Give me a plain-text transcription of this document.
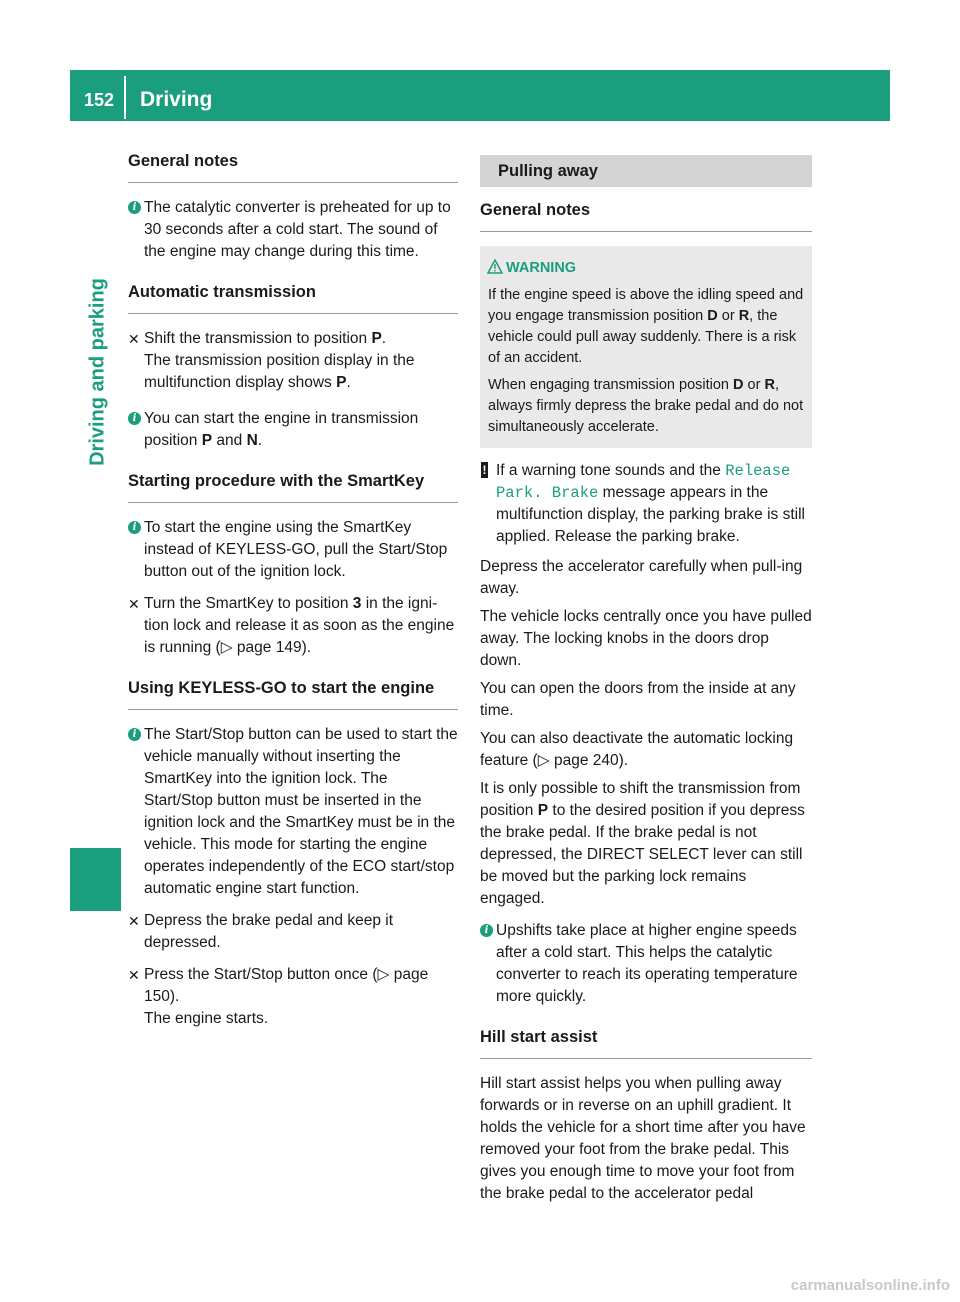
152 Driving
Driving and parking
General notes
i The catalytic converter is preheated for up to 30 seconds after a cold start. The sound of the engine may change during this time.

Automatic transmission
✕ Shift the transmission to position P.

The transmission position display in the multifunction display shows P.

i You can start the engine in transmission position P and N.

Starting procedure with the SmartKey
i To start the engine using the SmartKey instead of KEYLESS-GO, pull the Start/Stop button out of the ignition lock.

✕ Turn the SmartKey to position 3 in the igni-tion lock and release it as soon as the engine is running (▷ page 149).

Using KEYLESS-GO to start the engine
i The Start/Stop button can be used to start the vehicle manually without inserting the SmartKey into the ignition lock. The Start/Stop button must be inserted in the ignition lock and the SmartKey must be in the vehicle. This mode for starting the engine operates independently of the ECO start/stop automatic engine start function.

✕ Depress the brake pedal and keep it depressed.

✕ Press the Start/Stop button once (▷ page 150).

The engine starts.

Pulling away
General notes
WARNING

If the engine speed is above the idling speed and you engage transmission position D or R, the vehicle could pull away suddenly. There is a risk of an accident.

When engaging transmission position D or R, always firmly depress the brake pedal and do not simultaneously accelerate.

! If a warning tone sounds and the Release Park. Brake message appears in the multifunction display, the parking brake is still applied. Release the parking brake.

Depress the accelerator carefully when pull-ing away.

The vehicle locks centrally once you have pulled away. The locking knobs in the doors drop down.

You can open the doors from the inside at any time.

You can also deactivate the automatic locking feature (▷ page 240).

It is only possible to shift the transmission from position P to the desired position if you depress the brake pedal. If the brake pedal is not depressed, the DIRECT SELECT lever can still be moved but the parking lock remains engaged.

i Upshifts take place at higher engine speeds after a cold start. This helps the catalytic converter to reach its operating temperature more quickly.

Hill start assist

Hill start assist helps you when pulling away forwards or in reverse on an uphill gradient. It holds the vehicle for a short time after you have removed your foot from the brake pedal. This gives you enough time to move your foot from the brake pedal to the accelerator pedal

carmanualsonline.info
